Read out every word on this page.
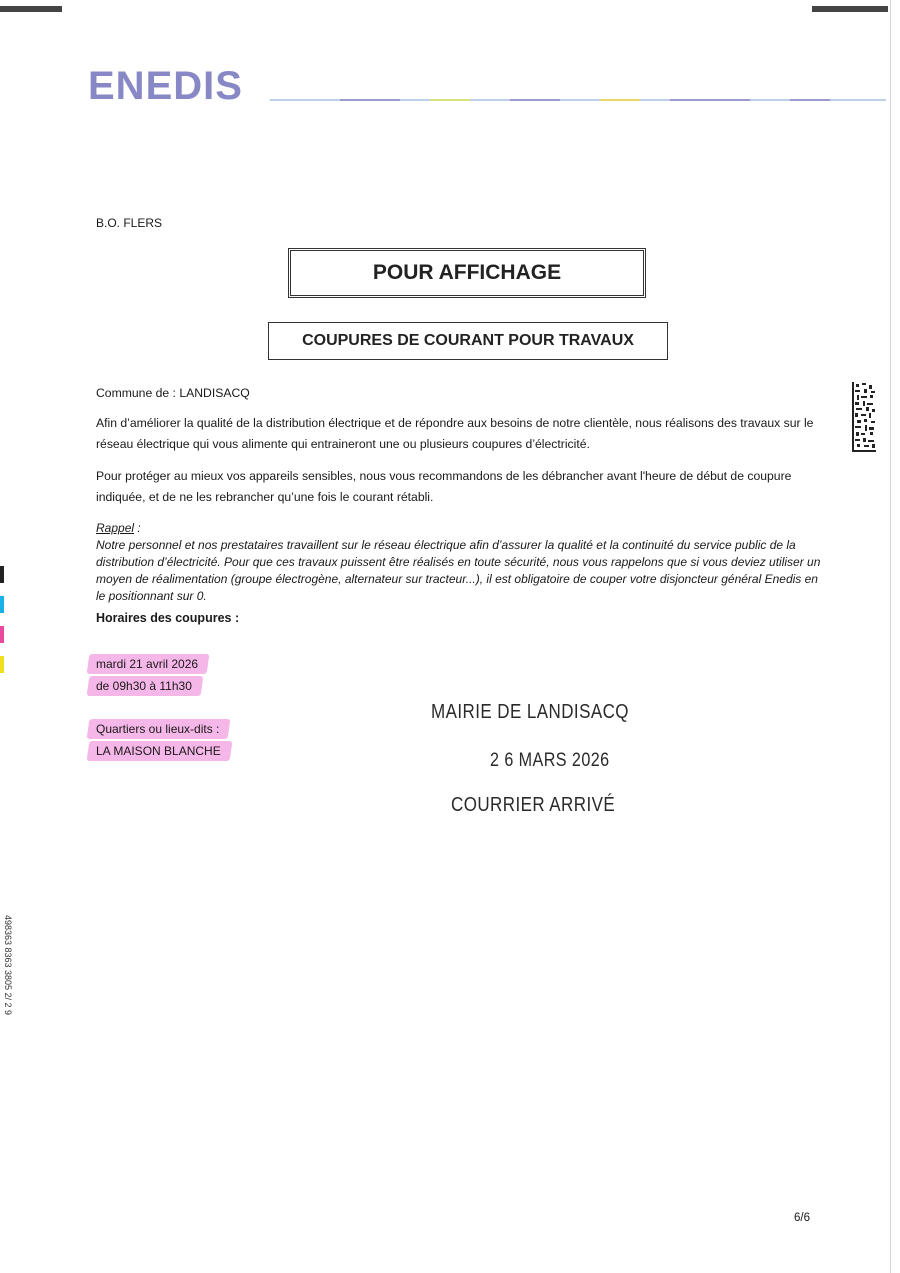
ENEDIS
B.O. FLERS
POUR AFFICHAGE
COUPURES DE COURANT POUR TRAVAUX
Commune de : LANDISACQ
Afin d’améliorer la qualité de la distribution électrique et de répondre aux besoins de notre clientèle, nous réalisons des travaux sur le réseau électrique qui vous alimente qui entraineront une ou plusieurs coupures d’électricité.
Pour protéger au mieux vos appareils sensibles, nous vous recommandons de les débrancher avant l'heure de début de coupure indiquée, et de ne les rebrancher qu’une fois le courant rétabli.
Rappel :
Notre personnel et nos prestataires travaillent sur le réseau électrique afin d’assurer la qualité et la continuité du service public de la distribution d’électricité. Pour que ces travaux puissent être réalisés en toute sécurité, nous vous rappelons que si vous deviez utiliser un moyen de réalimentation (groupe électrogène, alternateur sur tracteur...), il est obligatoire de couper votre disjoncteur général Enedis en le positionnant sur 0.
Horaires des coupures :
mardi 21 avril 2026
de 09h30 à 11h30
Quartiers ou lieux-dits :
LA MAISON BLANCHE
MAIRIE DE LANDISACQ
2 6 MARS 2026
COURRIER ARRIVÉ
498363 8363 3805 2/ 2 9
6/6
